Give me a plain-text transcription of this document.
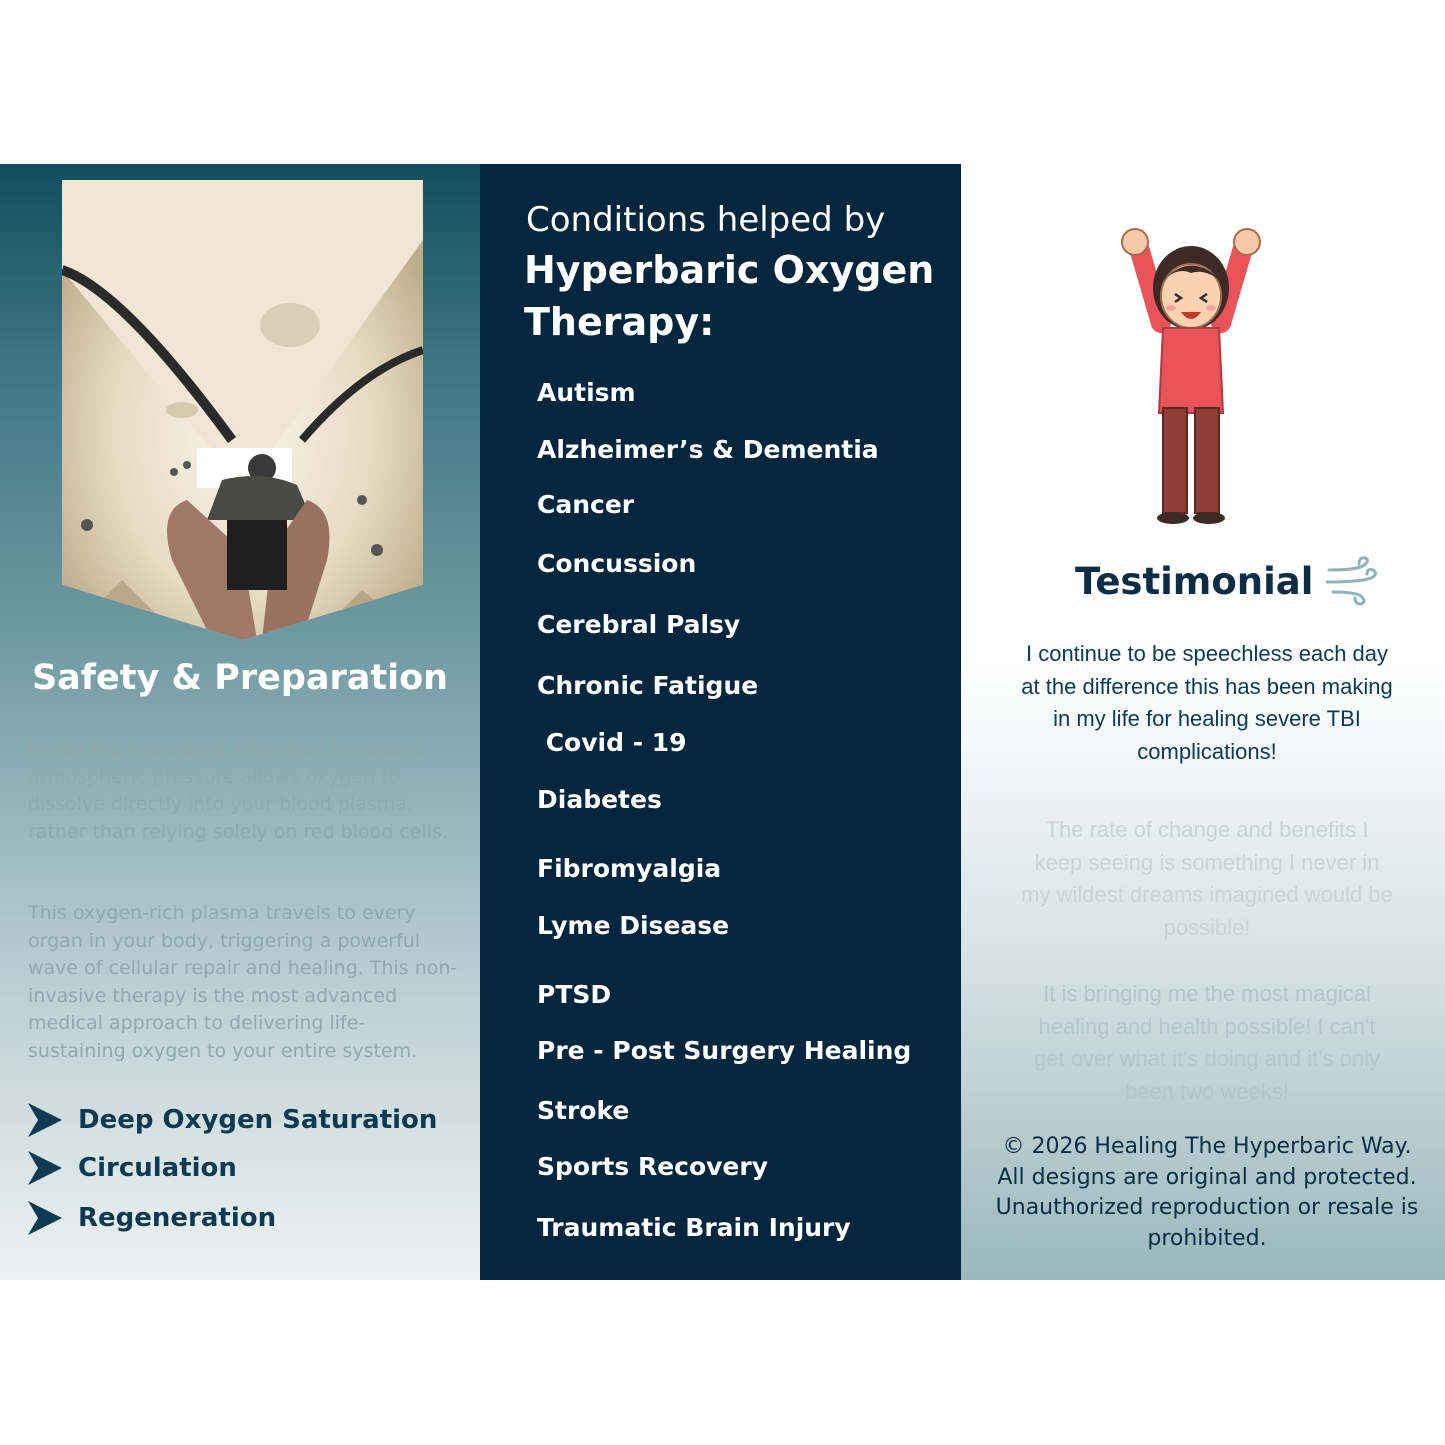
Safety & Preparation
Inside the hyperbaric chamber, increased atmospheric pressure allows oxygen to dissolve directly into your blood plasma, rather than relying solely on red blood cells.
This oxygen-rich plasma travels to every organ in your body, triggering a powerful wave of cellular repair and healing. This non-invasive therapy is the most advanced medical approach to delivering life-sustaining oxygen to your entire system.
Deep Oxygen Saturation
Circulation
Regeneration
Conditions helped by
Hyperbaric Oxygen Therapy:
Autism
Alzheimer’s & Dementia
Cancer
Concussion
Cerebral Palsy
Chronic Fatigue
Covid - 19
Diabetes
Fibromyalgia
Lyme Disease
PTSD
Pre - Post Surgery Healing
Stroke
Sports Recovery
Traumatic Brain Injury
Testimonial
I continue to be speechless each day at the difference this has been making in my life for healing severe TBI complications!
The rate of change and benefits I keep seeing is something I never in my wildest dreams imagined would be possible!
It is bringing me the most magical healing and health possible! I can't get over what it's doing and it's only been two weeks!
© 2026 Healing The Hyperbaric Way. All designs are original and protected. Unauthorized reproduction or resale is prohibited.
